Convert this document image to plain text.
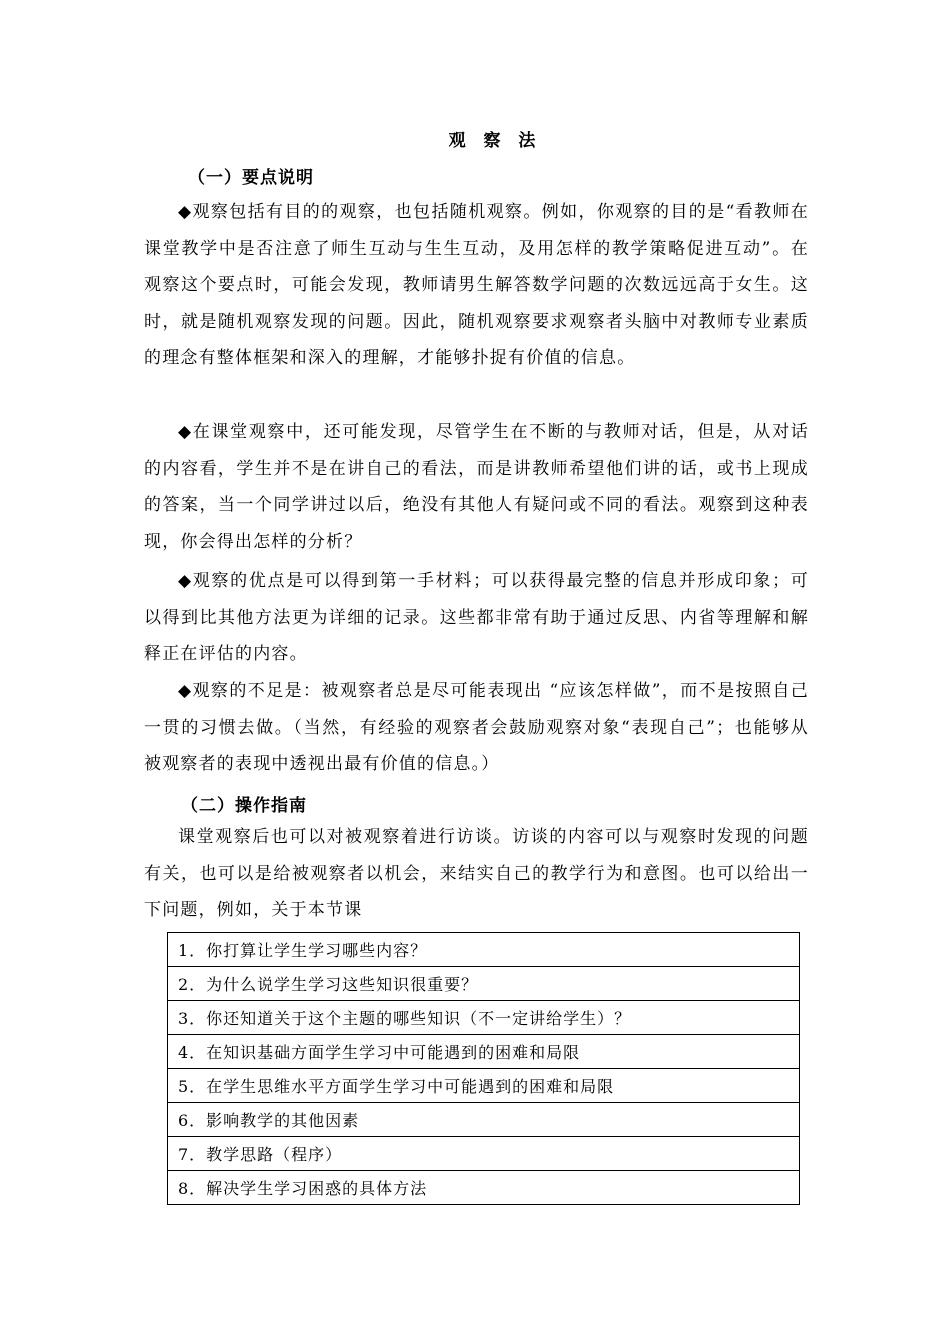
观 察 法
（一）要点说明

◆观察包括有目的的观察，也包括随机观察。例如，你观察的目的是“看教师在课堂教学中是否注意了师生互动与生生互动，及用怎样的教学策略促进互动”。在观察这个要点时，可能会发现，教师请男生解答数学问题的次数远远高于女生。这时，就是随机观察发现的问题。因此，随机观察要求观察者头脑中对教师专业素质的理念有整体框架和深入的理解，才能够扑捉有价值的信息。

◆在课堂观察中，还可能发现，尽管学生在不断的与教师对话，但是，从对话的内容看，学生并不是在讲自己的看法，而是讲教师希望他们讲的话，或书上现成的答案，当一个同学讲过以后，绝没有其他人有疑问或不同的看法。观察到这种表现，你会得出怎样的分析？

◆观察的优点是可以得到第一手材料；可以获得最完整的信息并形成印象；可以得到比其他方法更为详细的记录。这些都非常有助于通过反思、内省等理解和解释正在评估的内容。

◆观察的不足是：被观察者总是尽可能表现出 “应该怎样做”，而不是按照自己一贯的习惯去做。（当然，有经验的观察者会鼓励观察对象“表现自己”；也能够从被观察者的表现中透视出最有价值的信息。）

（二）操作指南

课堂观察后也可以对被观察着进行访谈。访谈的内容可以与观察时发现的问题有关，也可以是给被观察者以机会，来结实自己的教学行为和意图。也可以给出一下问题，例如，关于本节课

1．你打算让学生学习哪些内容？
2．为什么说学生学习这些知识很重要？
3．你还知道关于这个主题的哪些知识（不一定讲给学生）？
4．在知识基础方面学生学习中可能遇到的困难和局限
5．在学生思维水平方面学生学习中可能遇到的困难和局限
6．影响教学的其他因素
7．教学思路（程序）
8．解决学生学习困惑的具体方法
